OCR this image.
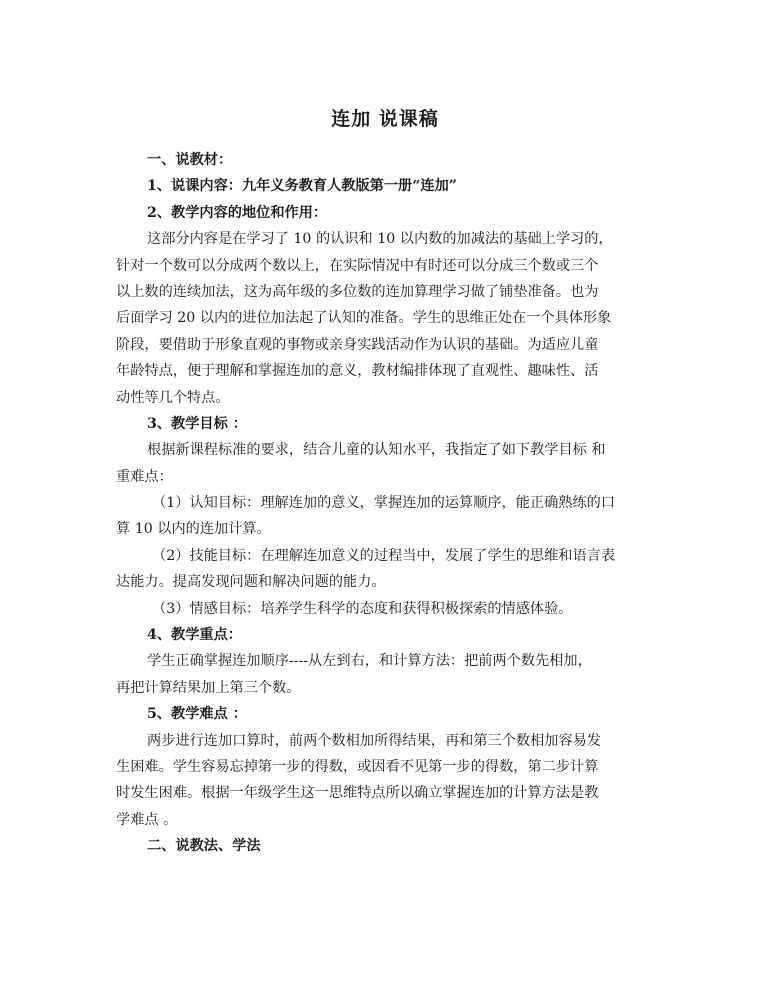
连加 说课稿
一、说教材：
1、说课内容：九年义务教育人教版第一册“连加”
2、教学内容的地位和作用：
这部分内容是在学习了 10 的认识和 10 以内数的加减法的基础上学习的，
针对一个数可以分成两个数以上，在实际情况中有时还可以分成三个数或三个
以上数的连续加法，这为高年级的多位数的连加算理学习做了铺垫准备。也为
后面学习 20 以内的进位加法起了认知的准备。学生的思维正处在一个具体形象
阶段，要借助于形象直观的事物或亲身实践活动作为认识的基础。为适应儿童
年龄特点，便于理解和掌握连加的意义，教材编排体现了直观性、趣味性、活
动性等几个特点。
3、教学目标 ：
根据新课程标准的要求，结合儿童的认知水平，我指定了如下教学目标 和
重难点：
（1）认知目标：理解连加的意义，掌握连加的运算顺序，能正确熟练的口
算 10 以内的连加计算。
（2）技能目标：在理解连加意义的过程当中，发展了学生的思维和语言表
达能力。提高发现问题和解决问题的能力。
（3）情感目标：培养学生科学的态度和获得积极探索的情感体验。
4、教学重点：
学生正确掌握连加顺序----从左到右，和计算方法：把前两个数先相加，
再把计算结果加上第三个数。
5、教学难点 ：
两步进行连加口算时，前两个数相加所得结果，再和第三个数相加容易发
生困难。学生容易忘掉第一步的得数，或因看不见第一步的得数，第二步计算
时发生困难。根据一年级学生这一思维特点所以确立掌握连加的计算方法是教
学难点 。
二、说教法、学法
